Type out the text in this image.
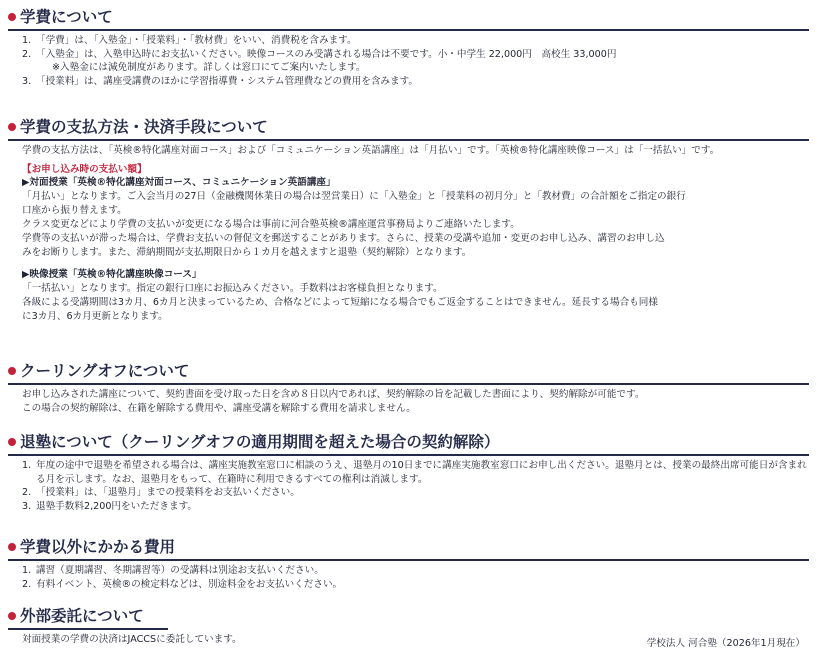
学費について
1. 「学費」は、「入塾金」・「授業料」・「教材費」をいい、消費税を含みます。
2. 「入塾金」は、入塾申込時にお支払いください。映像コースのみ受講される場合は不要です。小・中学生 22,000円　高校生 33,000円
※入塾金には減免制度があります。詳しくは窓口にてご案内いたします。
3. 「授業料」は、講座受講費のほかに学習指導費・システム管理費などの費用を含みます。
学費の支払方法・決済手段について
学費の支払方法は、「英検®特化講座対面コース」および「コミュニケーション英語講座」は「月払い」です。「英検®特化講座映像コース」は「一括払い」です。
【お申し込み時の支払い額】
▶対面授業「英検®特化講座対面コース、コミュニケーション英語講座」
「月払い」となります。ご入会当月の27日（金融機関休業日の場合は翌営業日）に「入塾金」と「授業料の初月分」と「教材費」の合計額をご指定の銀行
口座から振り替えます。
クラス変更などにより学費の支払いが変更になる場合は事前に河合塾英検®講座運営事務局よりご連絡いたします。
学費等の支払いが滞った場合は、学費お支払いの督促文を郵送することがあります。さらに、授業の受講や追加・変更のお申し込み、講習のお申し込
みをお断りします。また、滞納期間が支払期限日から１カ月を越えますと退塾（契約解除）となります。
▶映像授業「英検®特化講座映像コース」
「一括払い」となります。指定の銀行口座にお振込みください。手数料はお客様負担となります。
各級による受講期間は3カ月、6カ月と決まっているため、合格などによって短縮になる場合でもご返金することはできません。延長する場合も同様
に3カ月、6カ月更新となります。
クーリングオフについて
お申し込みされた講座について、契約書面を受け取った日を含め８日以内であれば、契約解除の旨を記載した書面により、契約解除が可能です。
この場合の契約解除は、在籍を解除する費用や、講座受講を解除する費用を請求しません。
退塾について（クーリングオフの適用期間を超えた場合の契約解除）
1. 年度の途中で退塾を希望される場合は、講座実施教室窓口に相談のうえ、退塾月の10日までに講座実施教室窓口にお申し出ください。退塾月とは、授業の最終出席可能日が含まれる月を示します。なお、退塾月をもって、在籍時に利用できるすべての権利は消滅します。
2. 「授業料」は、「退塾月」までの授業料をお支払いください。
3. 退塾手数料2,200円をいただきます。
学費以外にかかる費用
1. 講習（夏期講習、冬期講習等）の受講料は別途お支払いください。
2. 有料イベント、英検®の検定料などは、別途料金をお支払いください。
外部委託について
対面授業の学費の決済はJACCSに委託しています。	学校法人 河合塾（2026年1月現在）
